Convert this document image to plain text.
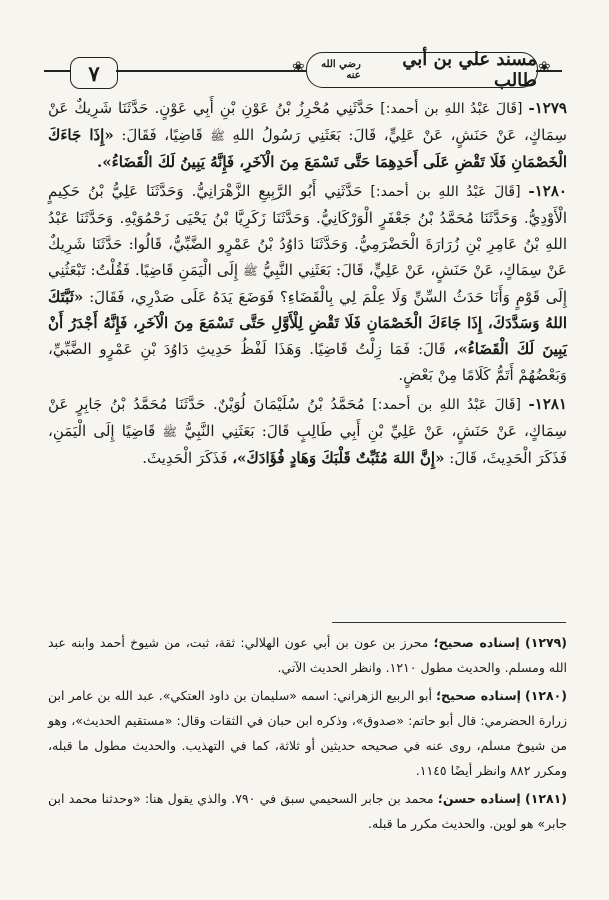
٧	❀	مسند علي بن أبي طالب
رضي الله عنه	❀

١٢٧٩- [قَالَ عَبْدُ اللهِ بن أحمد:] حَدَّثَنِي مُحْرِزُ بْنُ عَوْنِ بْنِ أَبِي عَوْنٍ. حَدَّثَنَا شَرِيكٌ عَنْ سِمَاكٍ، عَنْ حَنَشٍ، عَنْ عَلِيٍّ، قَالَ: بَعَثَنِي رَسُولُ اللهِ ﷺ قَاضِيًا، فَقَالَ: «إِذَا جَاءَكَ الْخَصْمَانِ فَلَا تَقْضِ عَلَى أَحَدِهِمَا حَتَّى تَسْمَعَ مِنَ الْآخَرِ، فَإِنَّهُ يَبِينُ لَكَ الْقَضَاءُ».

١٢٨٠- [قَالَ عَبْدُ اللهِ بن أحمد:] حَدَّثَنِي أَبُو الرَّبِيعِ الزَّهْرَانِيُّ. وَحَدَّثَنَا عَلِيُّ بْنُ حَكِيمٍ الْأَوْدِيُّ. وَحَدَّثَنَا مُحَمَّدُ بْنُ جَعْفَرٍ الْوَرْكَانِيُّ. وَحَدَّثَنَا زَكَرِيَّا بْنُ يَحْيَى زَحْمُوَيْهِ. وَحَدَّثَنَا عَبْدُ اللهِ بْنُ عَامِرِ بْنِ زُرَارَةَ الْحَضْرَمِيُّ. وَحَدَّثَنَا دَاوُدُ بْنُ عَمْرٍو الضَّبِّيُّ، قَالُوا: حَدَّثَنَا شَرِيكٌ عَنْ سِمَاكٍ، عَنْ حَنَشٍ، عَنْ عَلِيٍّ، قَالَ: بَعَثَنِي النَّبِيُّ ﷺ إِلَى الْيَمَنِ قَاضِيًا. فَقُلْتُ: تَبْعَثُنِي إِلَى قَوْمٍ وَأَنَا حَدَثُ السِّنِّ وَلَا عِلْمَ لِي بِالْقَضَاءِ؟ فَوَضَعَ يَدَهُ عَلَى صَدْرِي، فَقَالَ: «ثَبَّتَكَ اللهُ وَسَدَّدَكَ، إِذَا جَاءَكَ الْخَصْمَانِ فَلَا تَقْضِ لِلْأَوَّلِ حَتَّى تَسْمَعَ مِنَ الْآخَرِ، فَإِنَّهُ أَجْدَرُ أَنْ يَبِينَ لَكَ الْقَضَاءُ»، قَالَ: فَمَا زِلْتُ قَاضِيًا. وَهَذَا لَفْظُ حَدِيثِ دَاوُدَ بْنِ عَمْرٍو الضَّبِّيِّ، وَبَعْضُهُمْ أَتَمُّ كَلَامًا مِنْ بَعْضٍ.

١٢٨١- [قَالَ عَبْدُ اللهِ بن أحمد:] مُحَمَّدُ بْنُ سُلَيْمَانَ لُوَيْنٌ. حَدَّثَنَا مُحَمَّدُ بْنُ جَابِرٍ عَنْ سِمَاكٍ، عَنْ حَنَشٍ، عَنْ عَلِيِّ بْنِ أَبِي طَالِبٍ قَالَ: بَعَثَنِي النَّبِيُّ ﷺ قَاضِيًا إِلَى الْيَمَنِ، فَذَكَرَ الْحَدِيثَ، قَالَ: «إِنَّ اللهَ مُثَبِّتٌ قَلْبَكَ وَهَادٍ فُؤَادَكَ»، فَذَكَرَ الْحَدِيثَ.

(١٢٧٩) إسناده صحيح؛ محرز بن عون بن أبي عون الهلالي: ثقة، ثبت، من شيوخ أحمد وابنه عبد الله ومسلم. والحديث مطول ١٢١٠. وانظر الحديث الآتي.

(١٢٨٠) إسناده صحيح؛ أبو الربيع الزهراني: اسمه «سليمان بن داود العتكي». عبد الله بن عامر ابن زرارة الحضرمي: قال أبو حاتم: «صدوق»، وذكره ابن حبان في الثقات وقال: «مستقيم الحديث»، وهو من شيوخ مسلم، روى عنه في صحيحه حديثين أو ثلاثة، كما في التهذيب. والحديث مطول ما قبله، ومكرر ٨٨٢ وانظر أيضًا ١١٤٥.

(١٢٨١) إسناده حسن؛ محمد بن جابر السحيمي سبق في ٧٩٠. والذي يقول هنا: «وحدثنا محمد ابن جابر» هو لوين. والحديث مكرر ما قبله.
